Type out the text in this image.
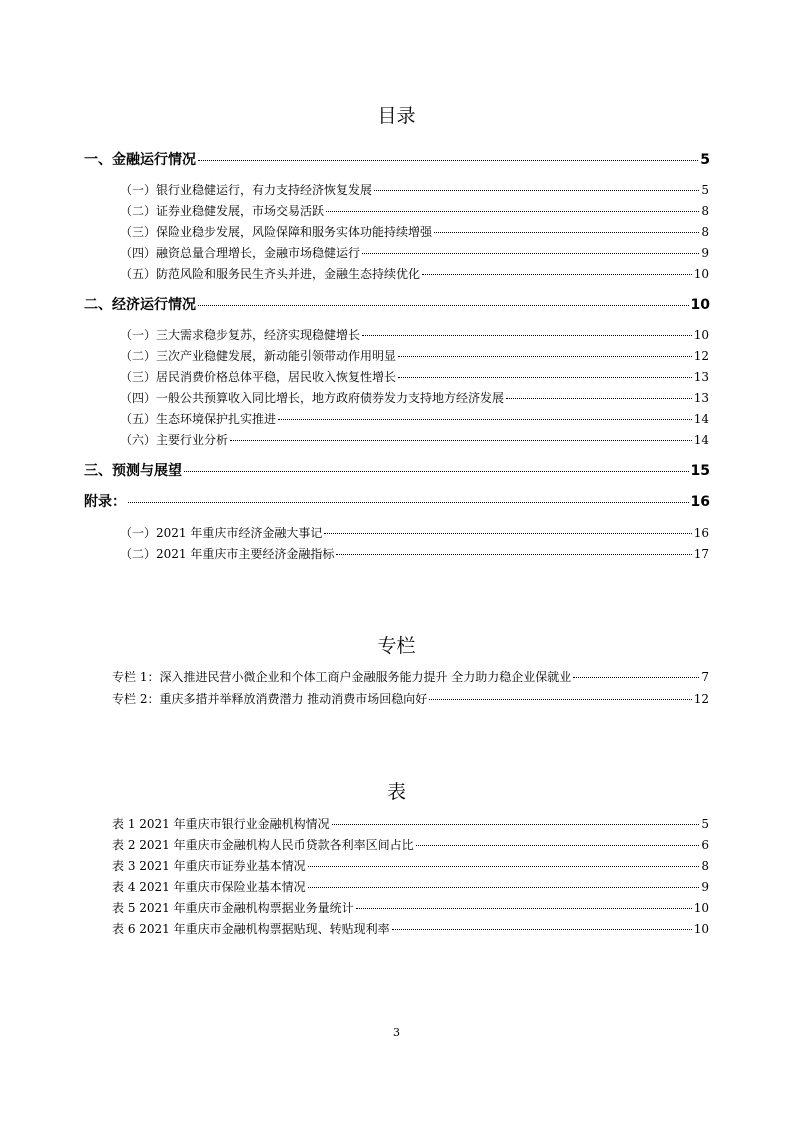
目录
一、金融运行情况	5
（一）银行业稳健运行，有力支持经济恢复发展	5
（二）证券业稳健发展，市场交易活跃	8
（三）保险业稳步发展，风险保障和服务实体功能持续增强	8
（四）融资总量合理增长，金融市场稳健运行	9
（五）防范风险和服务民生齐头并进，金融生态持续优化	10
二、经济运行情况	10
（一）三大需求稳步复苏，经济实现稳健增长	10
（二）三次产业稳健发展，新动能引领带动作用明显	12
（三）居民消费价格总体平稳，居民收入恢复性增长	13
（四）一般公共预算收入同比增长，地方政府债券发力支持地方经济发展	13
（五）生态环境保护扎实推进	14
（六）主要行业分析	14
三、预测与展望	15
附录：	16
（一）2021 年重庆市经济金融大事记	16
（二）2021 年重庆市主要经济金融指标	17
专栏
专栏 1：深入推进民营小微企业和个体工商户金融服务能力提升 全力助力稳企业保就业	7
专栏 2：重庆多措并举释放消费潜力 推动消费市场回稳向好	12
表
表 1 2021 年重庆市银行业金融机构情况	5
表 2 2021 年重庆市金融机构人民币贷款各利率区间占比	6
表 3 2021 年重庆市证券业基本情况	8
表 4 2021 年重庆市保险业基本情况	9
表 5 2021 年重庆市金融机构票据业务量统计	10
表 6 2021 年重庆市金融机构票据贴现、转贴现利率	10
3
